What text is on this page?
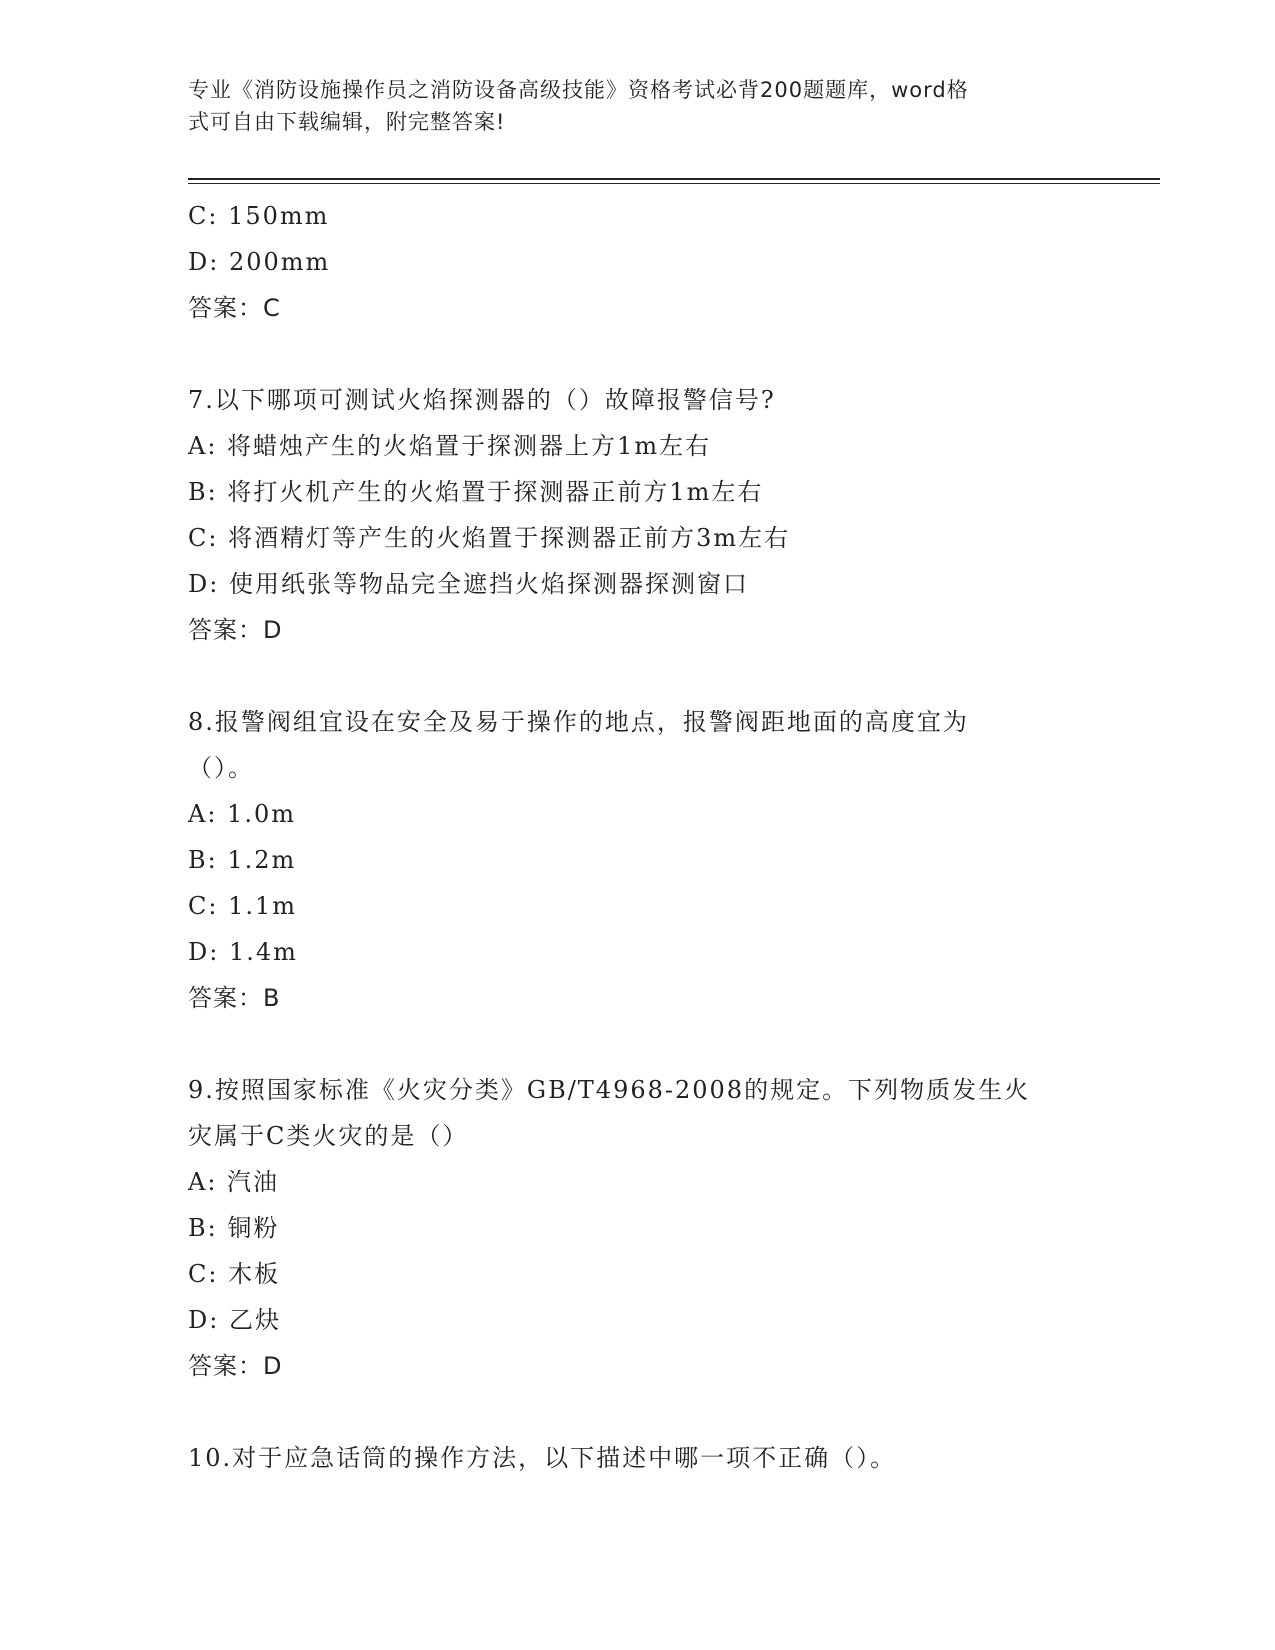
专业《消防设施操作员之消防设备高级技能》资格考试必背200题题库，word格
式可自由下载编辑，附完整答案!
C: 150mm
D: 200mm
答案：C
7.以下哪项可测试火焰探测器的（）故障报警信号?
A: 将蜡烛产生的火焰置于探测器上方1m左右
B: 将打火机产生的火焰置于探测器正前方1m左右
C: 将酒精灯等产生的火焰置于探测器正前方3m左右
D: 使用纸张等物品完全遮挡火焰探测器探测窗口
答案：D
8.报警阀组宜设在安全及易于操作的地点，报警阀距地面的高度宜为
（）。
A: 1.0m
B: 1.2m
C: 1.1m
D: 1.4m
答案：B
9.按照国家标准《火灾分类》GB/T4968-2008的规定。下列物质发生火
灾属于C类火灾的是（）
A: 汽油
B: 铜粉
C: 木板
D: 乙炔
答案：D
10.对于应急话筒的操作方法，以下描述中哪一项不正确（）。
